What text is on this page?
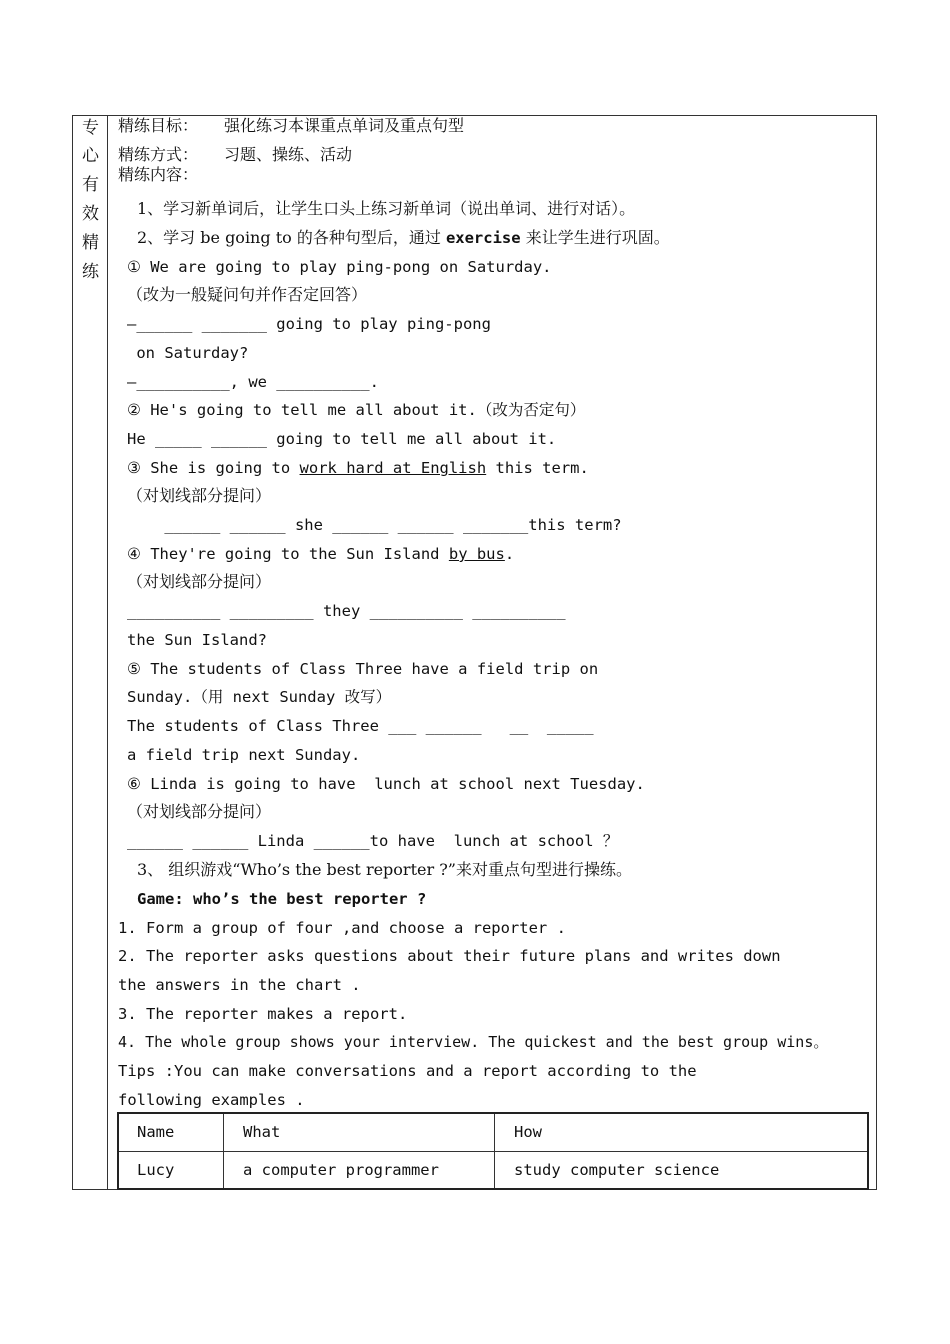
专
心
有
效
精
练
精练目标： 强化练习本课重点单词及重点句型
精练方式： 习题、操练、活动
精练内容：
1、学习新单词后，让学生口头上练习新单词（说出单词、进行对话）。
2、学习 be going to 的各种句型后，通过 exercise 来让学生进行巩固。
① We are going to play ping-pong on Saturday.
（改为一般疑问句并作否定回答）
—______ _______ going to play ping-pong
on Saturday?
—__________, we __________.
② He's going to tell me all about it.（改为否定句）
He _____ ______ going to tell me all about it.
③ She is going to work hard at English this term.
（对划线部分提问）
______ ______ she ______ ______ _______this term?
④ They're going to the Sun Island by bus.
（对划线部分提问）
__________ _________ they __________ __________
the Sun Island?
⑤ The students of Class Three have a field trip on
Sunday.（用 next Sunday 改写）
The students of Class Three ___ ______   __  _____
a field trip next Sunday.
⑥ Linda is going to have  lunch at school next Tuesday.
（对划线部分提问）
______ ______ Linda ______to have  lunch at school ？
3、 组织游戏“Who’s the best reporter ?”来对重点句型进行操练。
Game: who’s the best reporter ?
1. Form a group of four ,and choose a reporter .
2. The reporter asks questions about their future plans and writes down
the answers in the chart .
3. The reporter makes a report.
4. The whole group shows your interview. The quickest and the best group wins。
Tips :You can make conversations and a report according to the
following examples .
Name	What	How
Lucy	a computer programmer	study computer science
